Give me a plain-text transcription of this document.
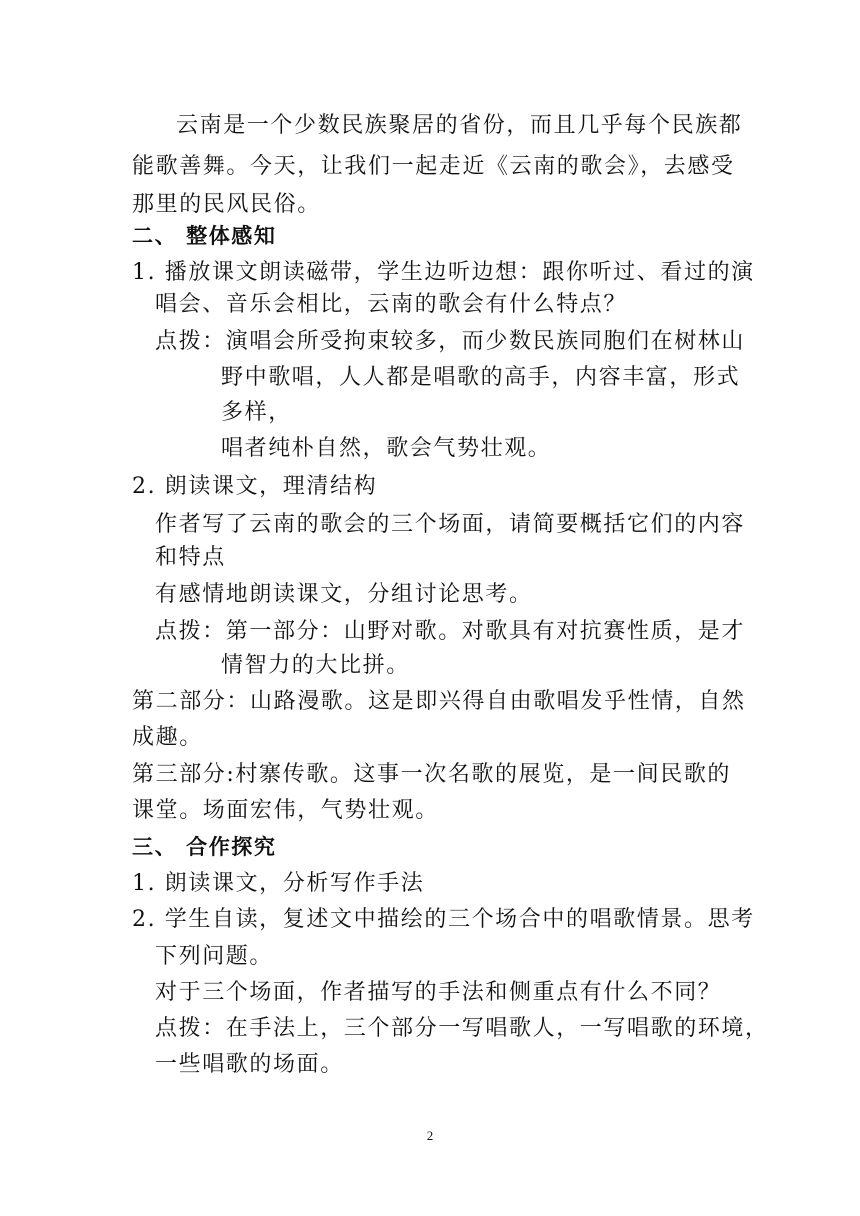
云南是一个少数民族聚居的省份，而且几乎每个民族都
能歌善舞。今天，让我们一起走近《云南的歌会》，去感受
那里的民风民俗。
二、 整体感知
1. 播放课文朗读磁带，学生边听边想：跟你听过、看过的演
唱会、音乐会相比，云南的歌会有什么特点？
点拨：演唱会所受拘束较多，而少数民族同胞们在树林山
野中歌唱，人人都是唱歌的高手，内容丰富，形式
多样，
唱者纯朴自然，歌会气势壮观。
2. 朗读课文，理清结构
作者写了云南的歌会的三个场面，请简要概括它们的内容
和特点
有感情地朗读课文，分组讨论思考。
点拨：第一部分：山野对歌。对歌具有对抗赛性质，是才
情智力的大比拼。
第二部分：山路漫歌。这是即兴得自由歌唱发乎性情，自然
成趣。
第三部分:村寨传歌。这事一次名歌的展览，是一间民歌的
课堂。场面宏伟，气势壮观。
三、 合作探究
1. 朗读课文，分析写作手法
2. 学生自读，复述文中描绘的三个场合中的唱歌情景。思考
下列问题。
对于三个场面，作者描写的手法和侧重点有什么不同？
点拨：在手法上，三个部分一写唱歌人，一写唱歌的环境，
一些唱歌的场面。
2
